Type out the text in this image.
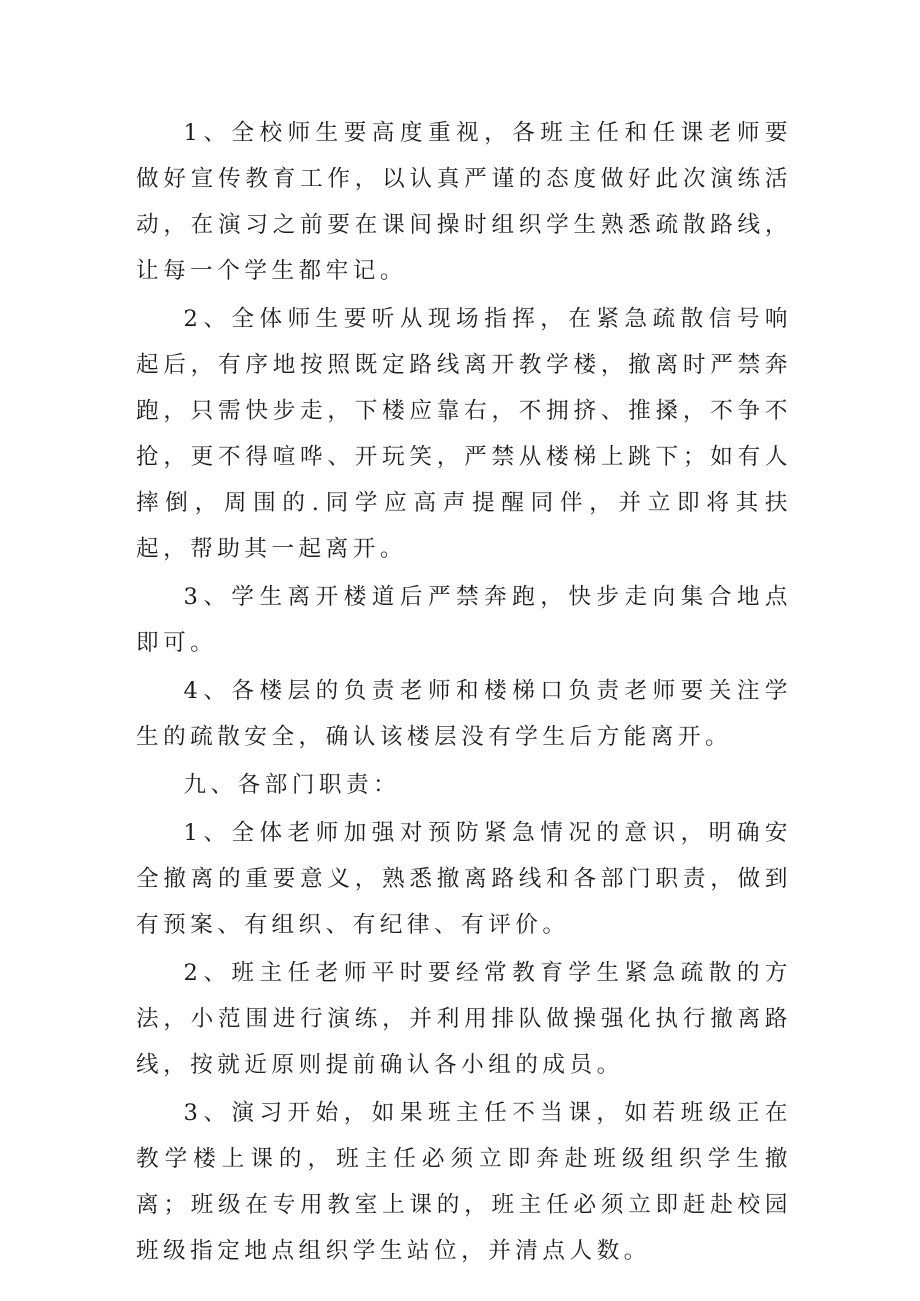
1、全校师生要高度重视，各班主任和任课老师要做好宣传教育工作，以认真严谨的态度做好此次演练活动，在演习之前要在课间操时组织学生熟悉疏散路线，让每一个学生都牢记。

2、全体师生要听从现场指挥，在紧急疏散信号响起后，有序地按照既定路线离开教学楼，撤离时严禁奔跑，只需快步走，下楼应靠右，不拥挤、推搡，不争不抢，更不得喧哗、开玩笑，严禁从楼梯上跳下；如有人摔倒，周围的.同学应高声提醒同伴，并立即将其扶起，帮助其一起离开。

3、学生离开楼道后严禁奔跑，快步走向集合地点即可。

4、各楼层的负责老师和楼梯口负责老师要关注学生的疏散安全，确认该楼层没有学生后方能离开。

九、各部门职责：

1、全体老师加强对预防紧急情况的意识，明确安全撤离的重要意义，熟悉撤离路线和各部门职责，做到有预案、有组织、有纪律、有评价。

2、班主任老师平时要经常教育学生紧急疏散的方法，小范围进行演练，并利用排队做操强化执行撤离路线，按就近原则提前确认各小组的成员。

3、演习开始，如果班主任不当课，如若班级正在教学楼上课的，班主任必须立即奔赴班级组织学生撤离；班级在专用教室上课的，班主任必须立即赶赴校园班级指定地点组织学生站位，并清点人数。
